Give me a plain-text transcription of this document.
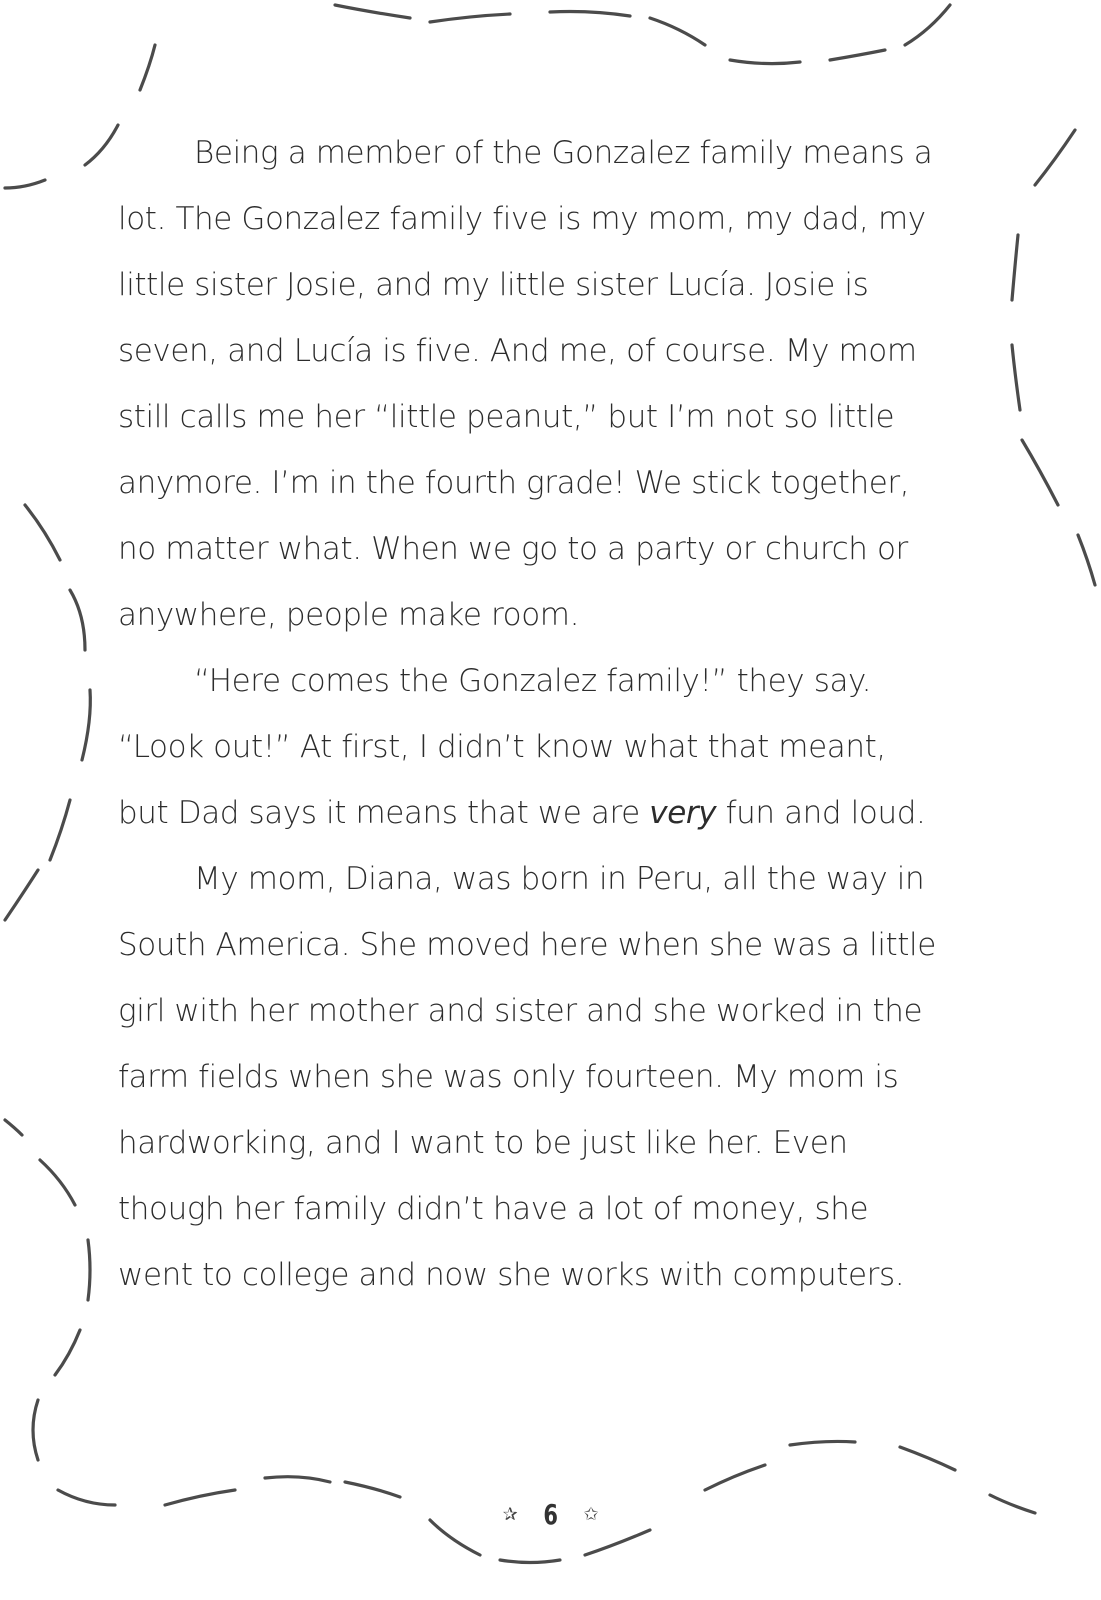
Being a member of the Gonzalez family means a
lot. The Gonzalez family five is my mom, my dad, my
little sister Josie, and my little sister Lucía. Josie is
seven, and Lucía is five. And me, of course. My mom
still calls me her “little peanut,” but I’m not so little
anymore. I’m in the fourth grade! We stick together,
no matter what. When we go to a party or church or
anywhere, people make room.

“Here comes the Gonzalez family!” they say.
“Look out!” At first, I didn’t know what that meant,
but Dad says it means that we are very fun and loud.

My mom, Diana, was born in Peru, all the way in
South America. She moved here when she was a little
girl with her mother and sister and she worked in the
farm fields when she was only fourteen. My mom is
hardworking, and I want to be just like her. Even
though her family didn’t have a lot of money, she
went to college and now she works with computers.

✰ 6 ✩
